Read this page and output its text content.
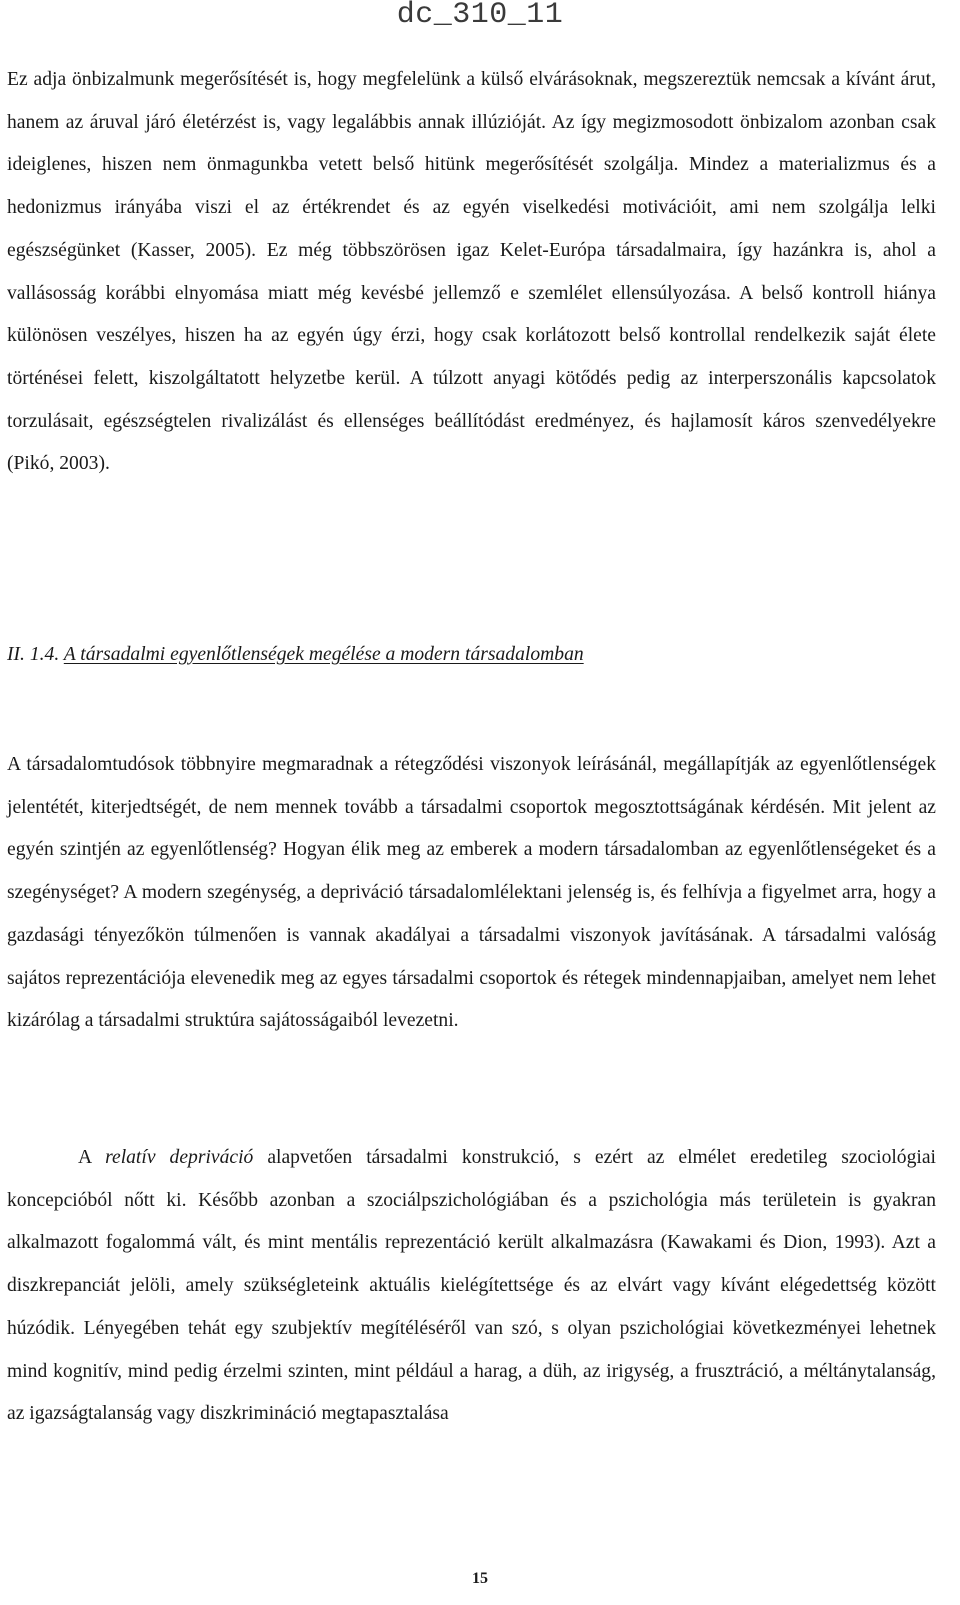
dc_310_11

Ez adja önbizalmunk megerősítését is, hogy megfelelünk a külső elvárásoknak, megszereztük nemcsak a kívánt árut, hanem az áruval járó életérzést is, vagy legalábbis annak illúzióját. Az így megizmosodott önbizalom azonban csak ideiglenes, hiszen nem önmagunkba vetett belső hitünk megerősítését szolgálja. Mindez a materializmus és a hedonizmus irányába viszi el az értékrendet és az egyén viselkedési motivációit, ami nem szolgálja lelki egészségünket (Kasser, 2005). Ez még többszörösen igaz Kelet-Európa társadalmaira, így hazánkra is, ahol a vallásosság korábbi elnyomása miatt még kevésbé jellemző e szemlélet ellensúlyozása. A belső kontroll hiánya különösen veszélyes, hiszen ha az egyén úgy érzi, hogy csak korlátozott belső kontrollal rendelkezik saját élete történései felett, kiszolgáltatott helyzetbe kerül. A túlzott anyagi kötődés pedig az interperszonális kapcsolatok torzulásait, egészségtelen rivalizálást és ellenséges beállítódást eredményez, és hajlamosít káros szenvedélyekre (Pikó, 2003).

II. 1.4. A társadalmi egyenlőtlenségek megélése a modern társadalomban

A társadalomtudósok többnyire megmaradnak a rétegződési viszonyok leírásánál, megállapítják az egyenlőtlenségek jelentétét, kiterjedtségét, de nem mennek tovább a társadalmi csoportok megosztottságának kérdésén. Mit jelent az egyén szintjén az egyenlőtlenség? Hogyan élik meg az emberek a modern társadalomban az egyenlőtlenségeket és a szegénységet? A modern szegénység, a depriváció társadalomlélektani jelenség is, és felhívja a figyelmet arra, hogy a gazdasági tényezőkön túlmenően is vannak akadályai a társadalmi viszonyok javításának. A társadalmi valóság sajátos reprezentációja elevenedik meg az egyes társadalmi csoportok és rétegek mindennapjaiban, amelyet nem lehet kizárólag a társadalmi struktúra sajátosságaiból levezetni.

A relatív depriváció alapvetően társadalmi konstrukció, s ezért az elmélet eredetileg szociológiai koncepcióból nőtt ki. Később azonban a szociálpszichológiában és a pszichológia más területein is gyakran alkalmazott fogalommá vált, és mint mentális reprezentáció került alkalmazásra (Kawakami és Dion, 1993). Azt a diszkrepanciát jelöli, amely szükségleteink aktuális kielégítettsége és az elvárt vagy kívánt elégedettség között húzódik. Lényegében tehát egy szubjektív megítéléséről van szó, s olyan pszichológiai következményei lehetnek mind kognitív, mind pedig érzelmi szinten, mint például a harag, a düh, az irigység, a frusztráció, a méltánytalanság, az igazságtalanság vagy diszkrimináció megtapasztalása

15
